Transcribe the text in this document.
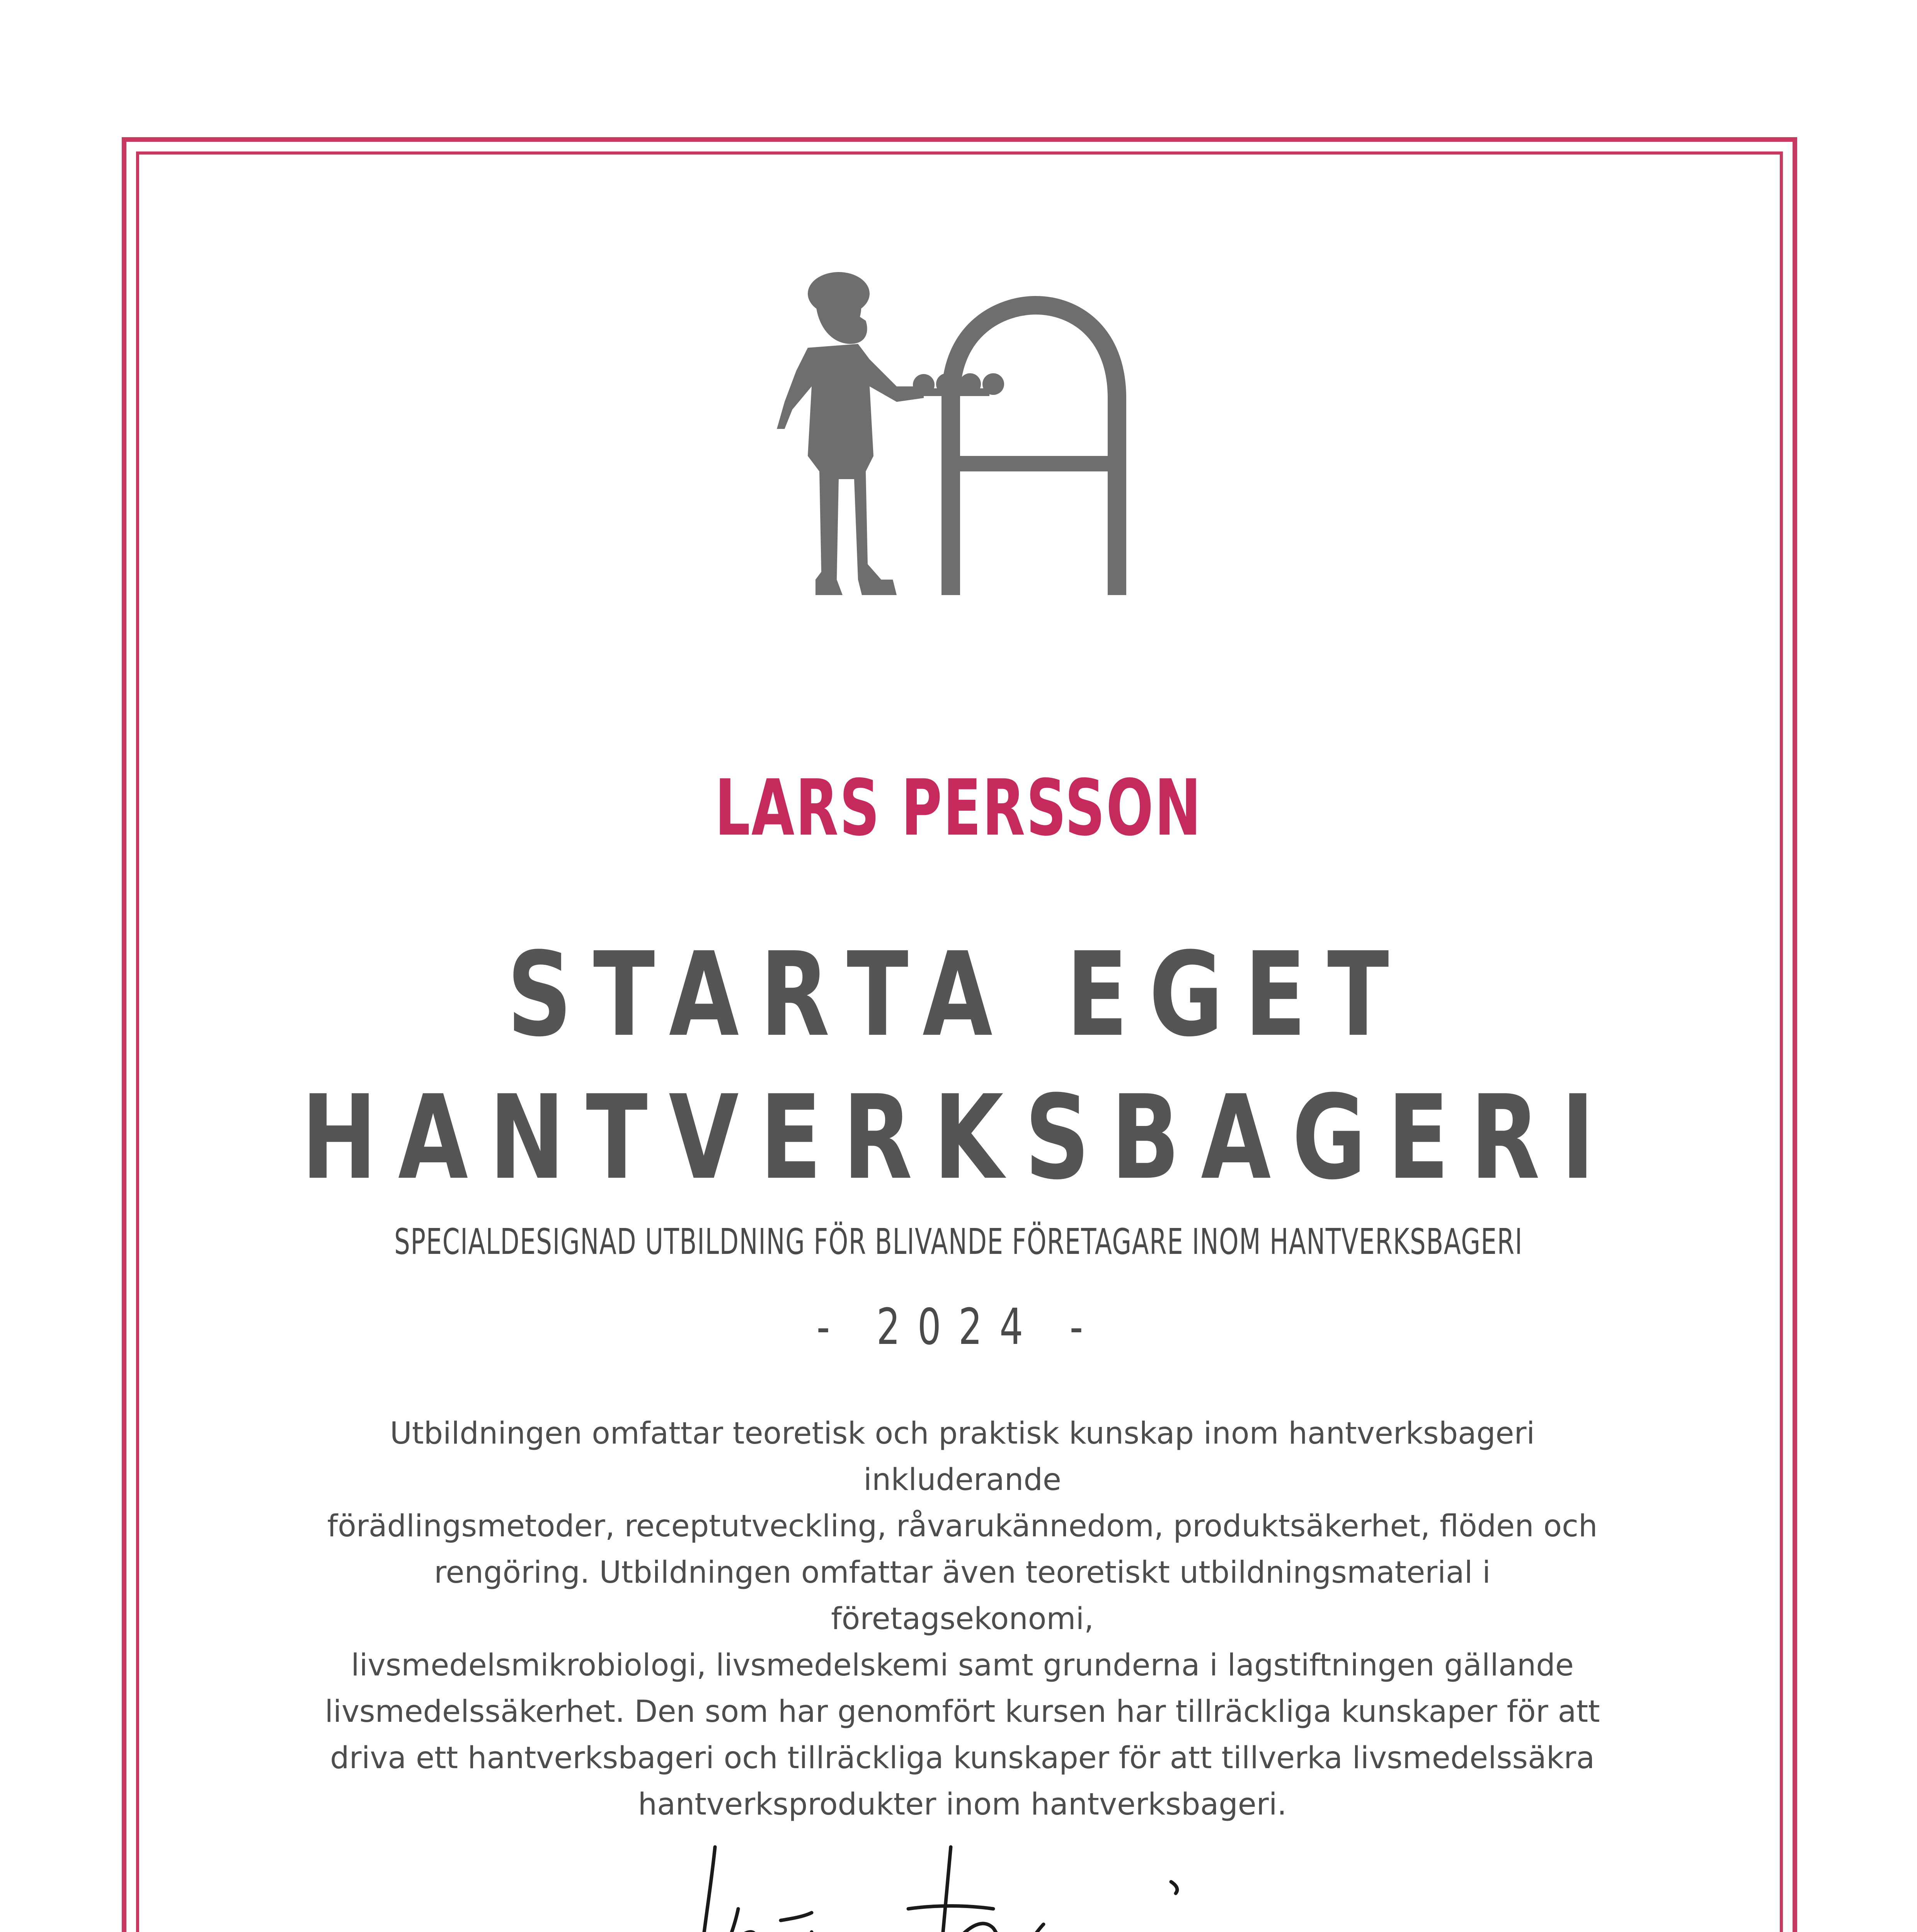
LARS PERSSON
STARTA EGET
HANTVERKSBAGERI
SPECIALDESIGNAD UTBILDNING FÖR BLIVANDE FÖRETAGARE INOM HANTVERKSBAGERI
- 2024 -
Utbildningen omfattar teoretisk och praktisk kunskap inom hantverksbageri inkluderande
förädlingsmetoder, receptutveckling, råvarukännedom, produktsäkerhet, flöden och
rengöring. Utbildningen omfattar även teoretiskt utbildningsmaterial i företagsekonomi,
livsmedelsmikrobiologi, livsmedelskemi samt grunderna i lagstiftningen gällande
livsmedelssäkerhet. Den som har genomfört kursen har tillräckliga kunskaper för att
driva ett hantverksbageri och tillräckliga kunskaper för att tillverka livsmedelssäkra
hantverksprodukter inom hantverksbageri.
